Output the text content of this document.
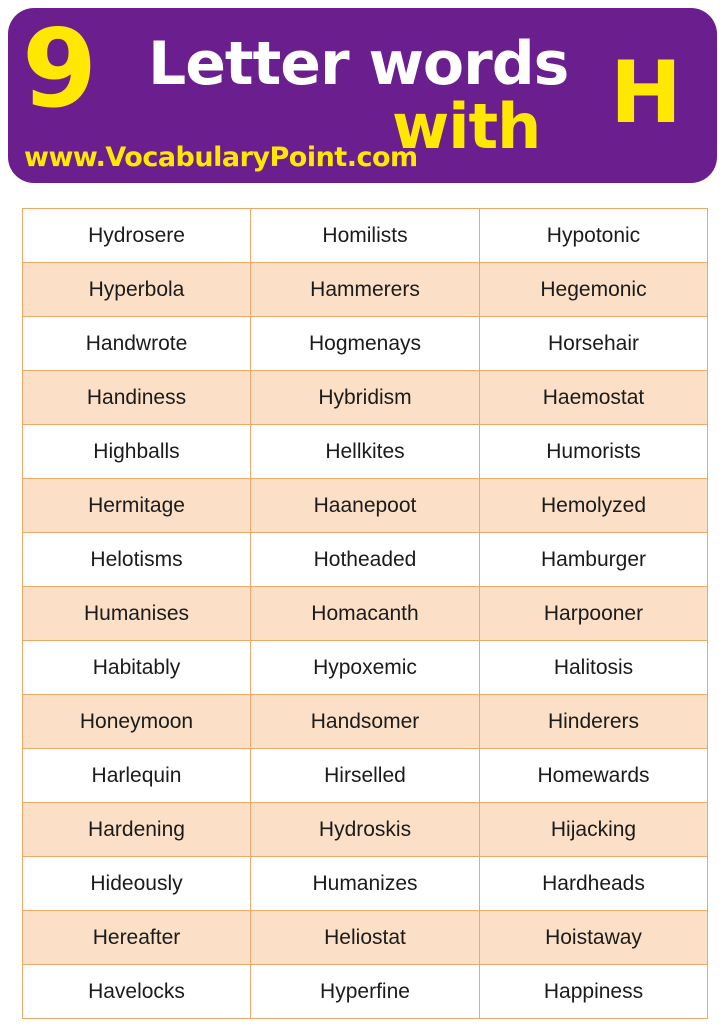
9 Letter words
with H
www.VocabularyPoint.com
Hydrosere	Homilists	Hypotonic
Hyperbola	Hammerers	Hegemonic
Handwrote	Hogmenays	Horsehair
Handiness	Hybridism	Haemostat
Highballs	Hellkites	Humorists
Hermitage	Haanepoot	Hemolyzed
Helotisms	Hotheaded	Hamburger
Humanises	Homacanth	Harpooner
Habitably	Hypoxemic	Halitosis
Honeymoon	Handsomer	Hinderers
Harlequin	Hirselled	Homewards
Hardening	Hydroskis	Hijacking
Hideously	Humanizes	Hardheads
Hereafter	Heliostat	Hoistaway
Havelocks	Hyperfine	Happiness
